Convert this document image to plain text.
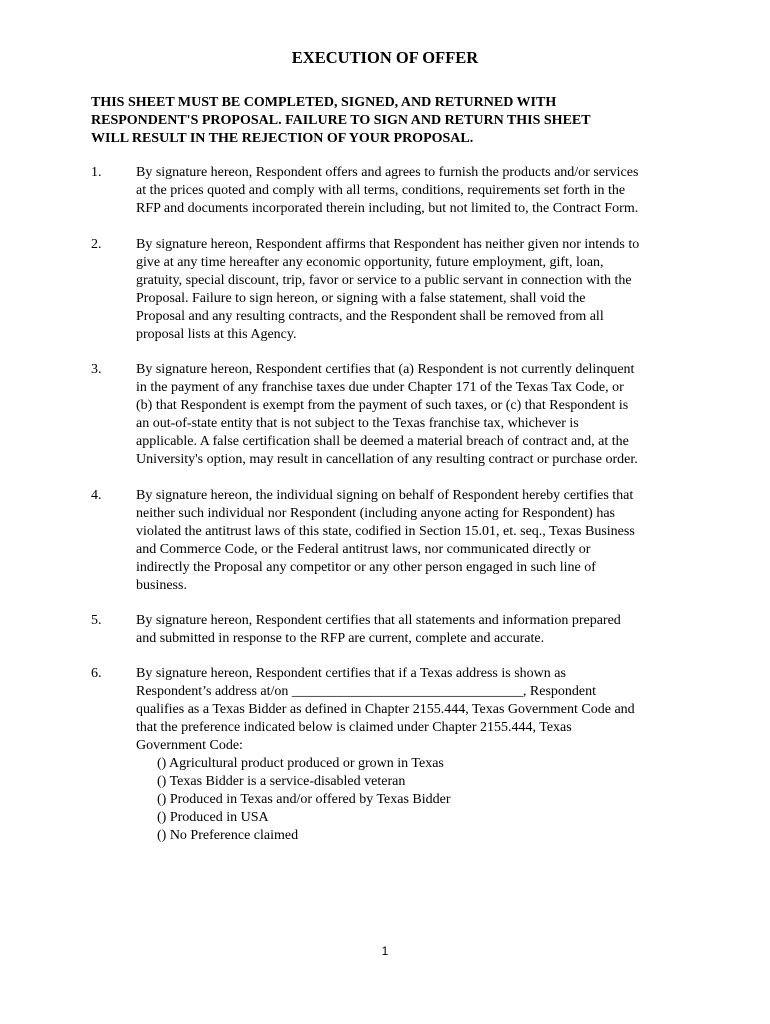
EXECUTION OF OFFER
THIS SHEET MUST BE COMPLETED, SIGNED, AND RETURNED WITH
RESPONDENT'S PROPOSAL. FAILURE TO SIGN AND RETURN THIS SHEET
WILL RESULT IN THE REJECTION OF YOUR PROPOSAL.
1. By signature hereon, Respondent offers and agrees to furnish the products and/or services
at the prices quoted and comply with all terms, conditions, requirements set forth in the
RFP and documents incorporated therein including, but not limited to, the Contract Form.
2. By signature hereon, Respondent affirms that Respondent has neither given nor intends to
give at any time hereafter any economic opportunity, future employment, gift, loan,
gratuity, special discount, trip, favor or service to a public servant in connection with the
Proposal. Failure to sign hereon, or signing with a false statement, shall void the
Proposal and any resulting contracts, and the Respondent shall be removed from all
proposal lists at this Agency.
3. By signature hereon, Respondent certifies that (a) Respondent is not currently delinquent
in the payment of any franchise taxes due under Chapter 171 of the Texas Tax Code, or
(b) that Respondent is exempt from the payment of such taxes, or (c) that Respondent is
an out-of-state entity that is not subject to the Texas franchise tax, whichever is
applicable. A false certification shall be deemed a material breach of contract and, at the
University's option, may result in cancellation of any resulting contract or purchase order.
4. By signature hereon, the individual signing on behalf of Respondent hereby certifies that
neither such individual nor Respondent (including anyone acting for Respondent) has
violated the antitrust laws of this state, codified in Section 15.01, et. seq., Texas Business
and Commerce Code, or the Federal antitrust laws, nor communicated directly or
indirectly the Proposal any competitor or any other person engaged in such line of
business.
5. By signature hereon, Respondent certifies that all statements and information prepared
and submitted in response to the RFP are current, complete and accurate.
6. By signature hereon, Respondent certifies that if a Texas address is shown as
Respondent’s address at/on _________________________________, Respondent
qualifies as a Texas Bidder as defined in Chapter 2155.444, Texas Government Code and
that the preference indicated below is claimed under Chapter 2155.444, Texas
Government Code:
() Agricultural product produced or grown in Texas
() Texas Bidder is a service-disabled veteran
() Produced in Texas and/or offered by Texas Bidder
() Produced in USA
() No Preference claimed
1
